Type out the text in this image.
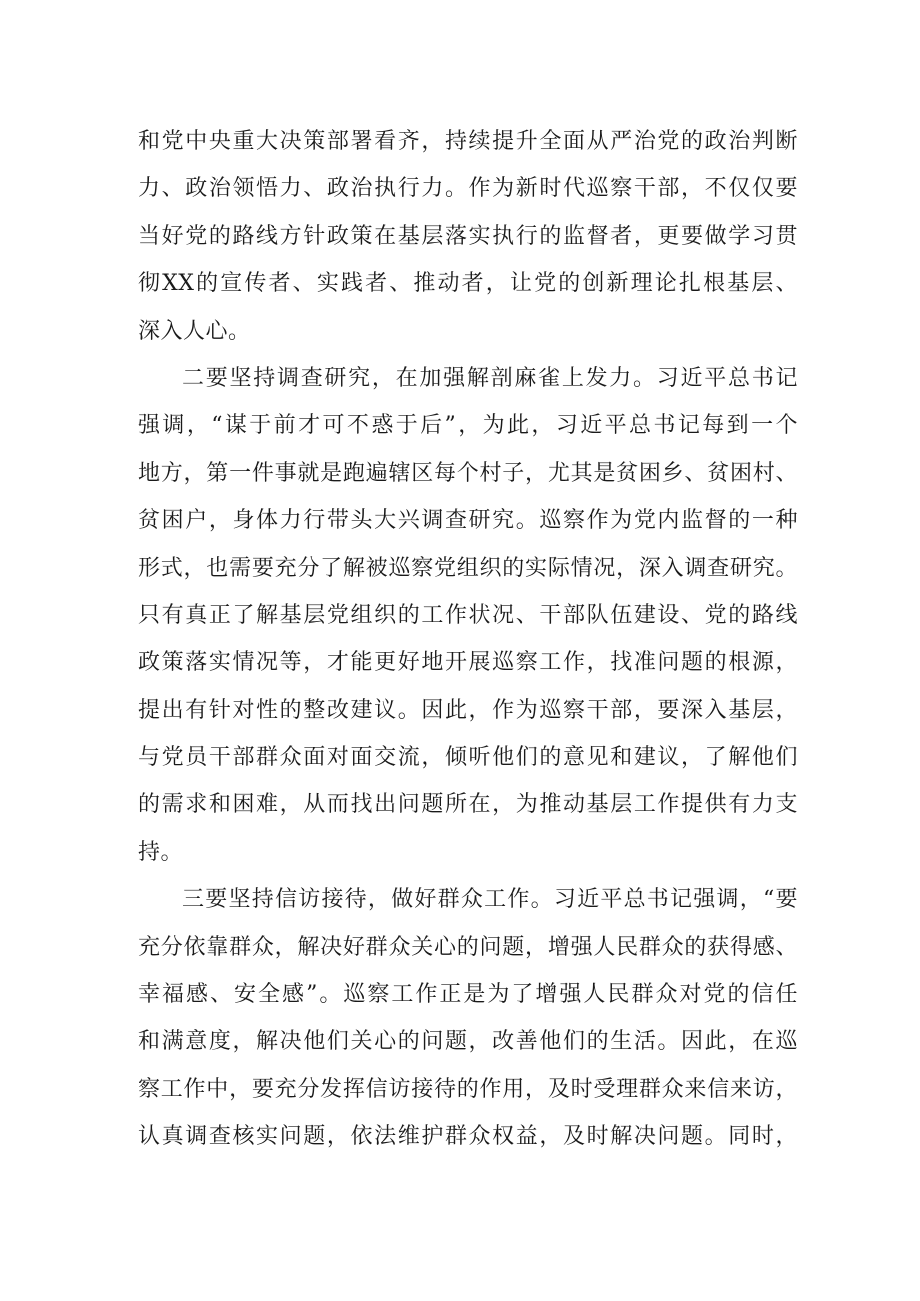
和党中央重大决策部署看齐，持续提升全面从严治党的政治判断
力、政治领悟力、政治执行力。作为新时代巡察干部，不仅仅要
当好党的路线方针政策在基层落实执行的监督者，更要做学习贯
彻XX的宣传者、实践者、推动者，让党的创新理论扎根基层、
深入人心。
二要坚持调查研究，在加强解剖麻雀上发力。习近平总书记
强调，“谋于前才可不惑于后”，为此，习近平总书记每到一个
地方，第一件事就是跑遍辖区每个村子，尤其是贫困乡、贫困村、
贫困户，身体力行带头大兴调查研究。巡察作为党内监督的一种
形式，也需要充分了解被巡察党组织的实际情况，深入调查研究。
只有真正了解基层党组织的工作状况、干部队伍建设、党的路线
政策落实情况等，才能更好地开展巡察工作，找准问题的根源，
提出有针对性的整改建议。因此，作为巡察干部，要深入基层，
与党员干部群众面对面交流，倾听他们的意见和建议，了解他们
的需求和困难，从而找出问题所在，为推动基层工作提供有力支
持。
三要坚持信访接待，做好群众工作。习近平总书记强调，“要
充分依靠群众，解决好群众关心的问题，增强人民群众的获得感、
幸福感、安全感”。巡察工作正是为了增强人民群众对党的信任
和满意度，解决他们关心的问题，改善他们的生活。因此，在巡
察工作中，要充分发挥信访接待的作用，及时受理群众来信来访，
认真调查核实问题，依法维护群众权益，及时解决问题。同时，
